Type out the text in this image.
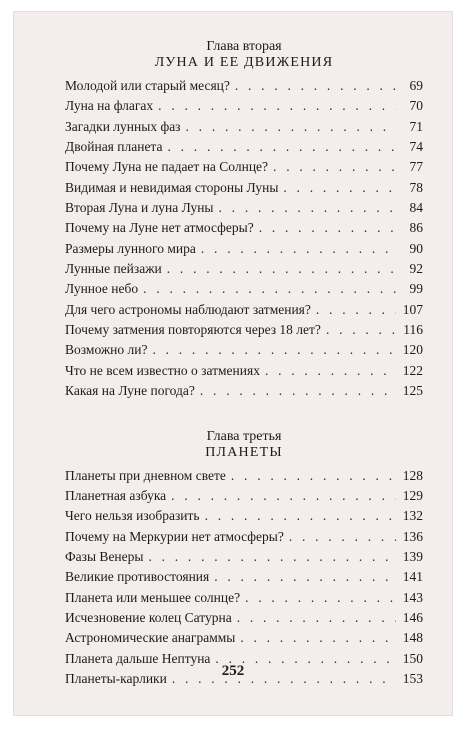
Глава вторая
ЛУНА И ЕЕ ДВИЖЕНИЯ
Молодой или старый месяц? . . .	69
Луна на флагах . . .	70
Загадки лунных фаз . . .	71
Двойная планета . . .	74
Почему Луна не падает на Солнце? . . .	77
Видимая и невидимая стороны Луны . . .	78
Вторая Луна и луна Луны . . .	84
Почему на Луне нет атмосферы? . . .	86
Размеры лунного мира . . .	90
Лунные пейзажи . . .	92
Лунное небо . . .	99
Для чего астрономы наблюдают затмения? . . .	107
Почему затмения повторяются через 18 лет? . . .	116
Возможно ли? . . .	120
Что не всем известно о затмениях . . .	122
Какая на Луне погода? . . .	125
Глава третья
ПЛАНЕТЫ
Планеты при дневном свете . . .	128
Планетная азбука . . .	129
Чего нельзя изобразить . . .	132
Почему на Меркурии нет атмосферы? . . .	136
Фазы Венеры . . .	139
Великие противостояния . . .	141
Планета или меньшее солнце? . . .	143
Исчезновение колец Сатурна . . .	146
Астрономические анаграммы . . .	148
Планета дальше Нептуна . . .	150
Планеты-карлики . . .	153
252
